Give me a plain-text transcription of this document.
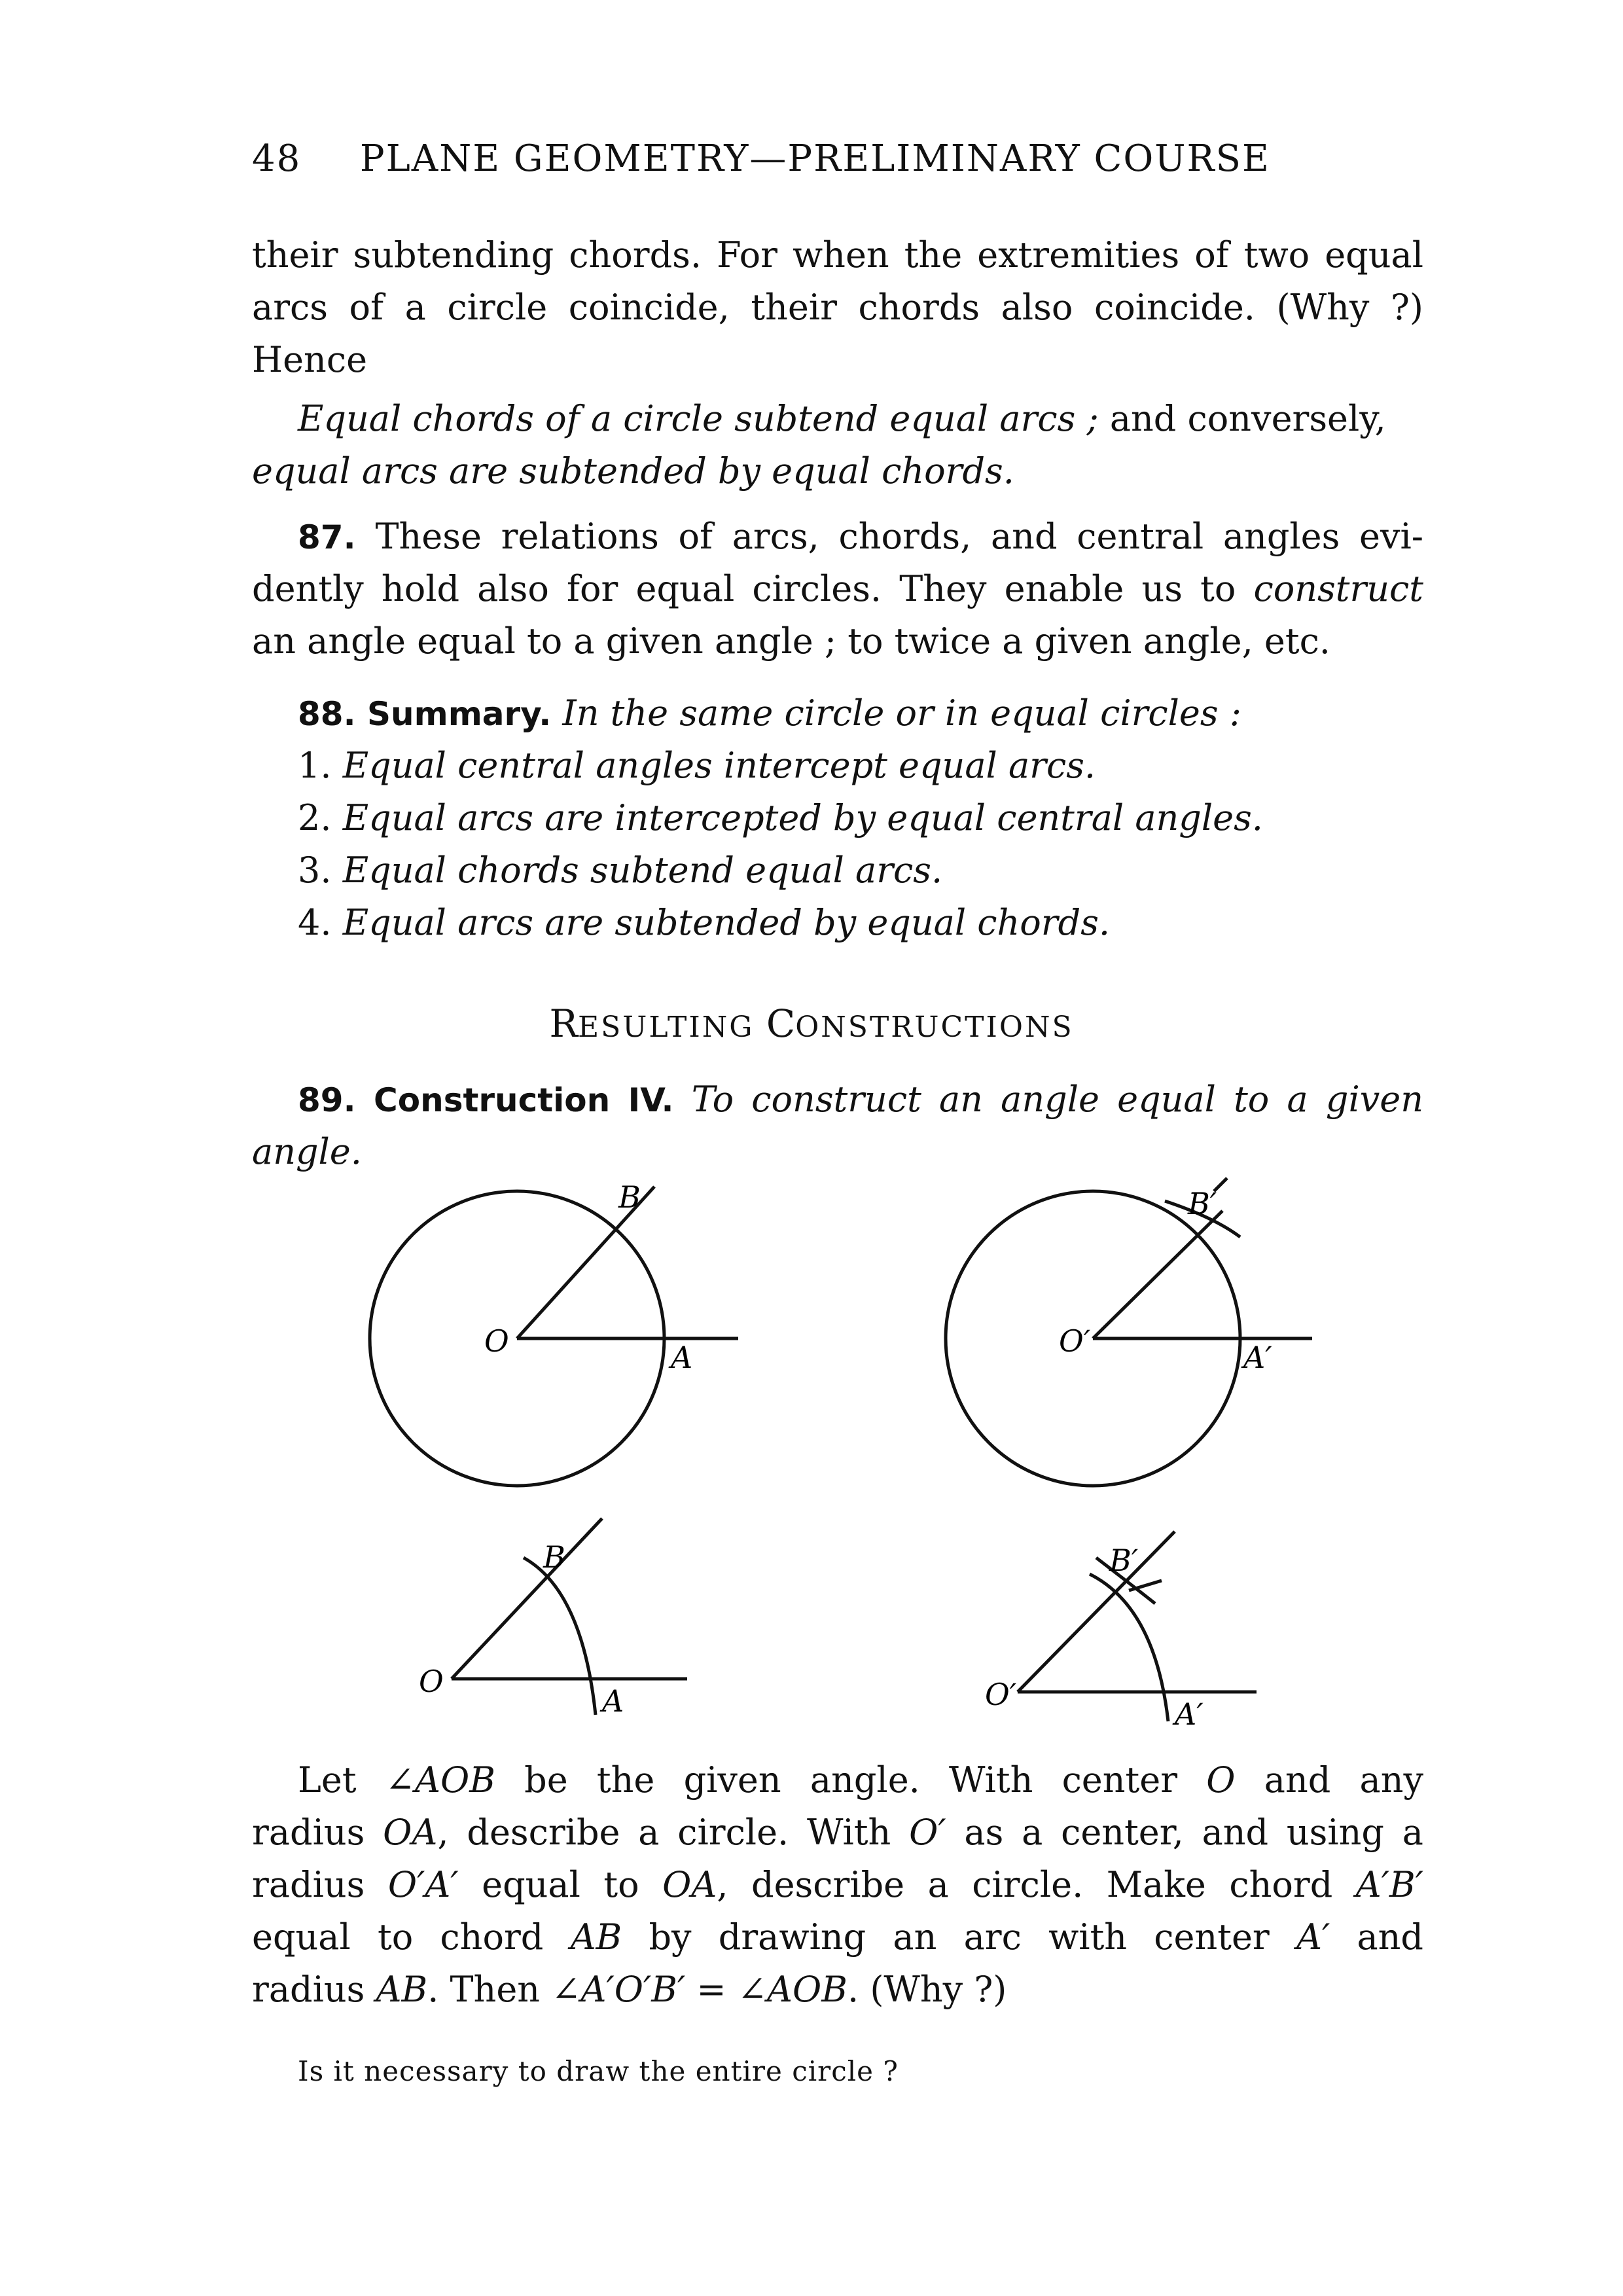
48 PLANE GEOMETRY—PRELIMINARY COURSE
their subtending chords. For when the extremities of two equal
arcs of a circle coincide, their chords also coincide. (Why ?)
Hence
Equal chords of a circle subtend equal arcs ; and conversely,
equal arcs are subtended by equal chords.
87. These relations of arcs, chords, and central angles evi-
dently hold also for equal circles. They enable us to construct
an angle equal to a given angle ; to twice a given angle, etc.
88. Summary. In the same circle or in equal circles :
1. Equal central angles intercept equal arcs.
2. Equal arcs are intercepted by equal central angles.
3. Equal chords subtend equal arcs.
4. Equal arcs are subtended by equal chords.
RESULTING CONSTRUCTIONS
89. Construction IV. To construct an angle equal to a given
angle.
O	A
B
O′	A′
B′
O
A
B
O′
A′
B′
Let ∠AOB be the given angle. With center O and any
radius OA, describe a circle. With O′ as a center, and using a
radius O′A′ equal to OA, describe a circle. Make chord A′B′
equal to chord AB by drawing an arc with center A′ and
radius AB. Then ∠A′O′B′ = ∠AOB. (Why ?)
Is it necessary to draw the entire circle ?
